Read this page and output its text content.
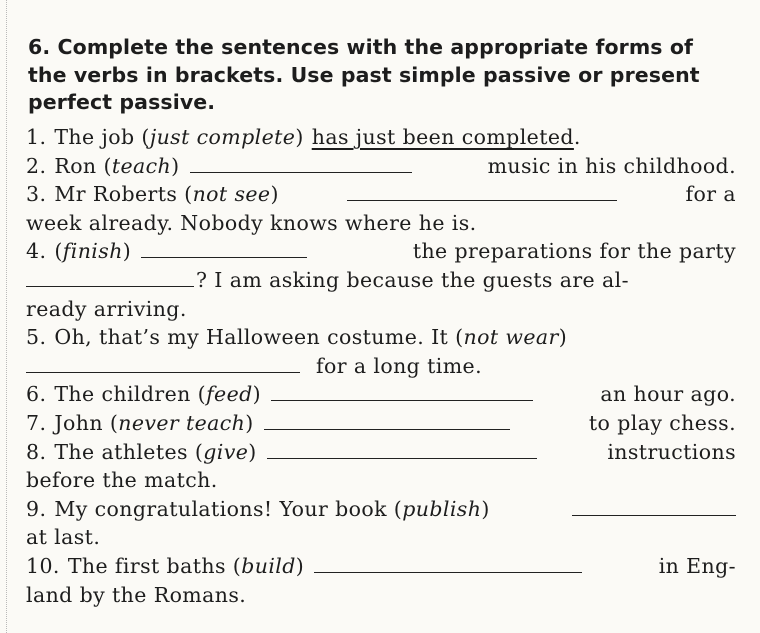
6. Complete the sentences with the appropriate forms of
the verbs in brackets. Use past simple passive or present
perfect passive.
1. The job ( just complete ) has just been completed .
2. Ron ( teach )	music in his childhood.
3. Mr Roberts ( not see )	for a
week already. Nobody knows where he is.
4. ( finish )	the preparations for the party
? I am asking because the guests are al-
ready arriving.
5. Oh, that’s my Halloween costume. It ( not wear )
for a long time.
6. The children ( feed )	an hour ago.
7. John ( never teach )	to play chess.
8. The athletes ( give )	instructions
before the match.
9. My congratulations! Your book ( publish )
at last.
10. The first baths ( build )	in Eng-
land by the Romans.
